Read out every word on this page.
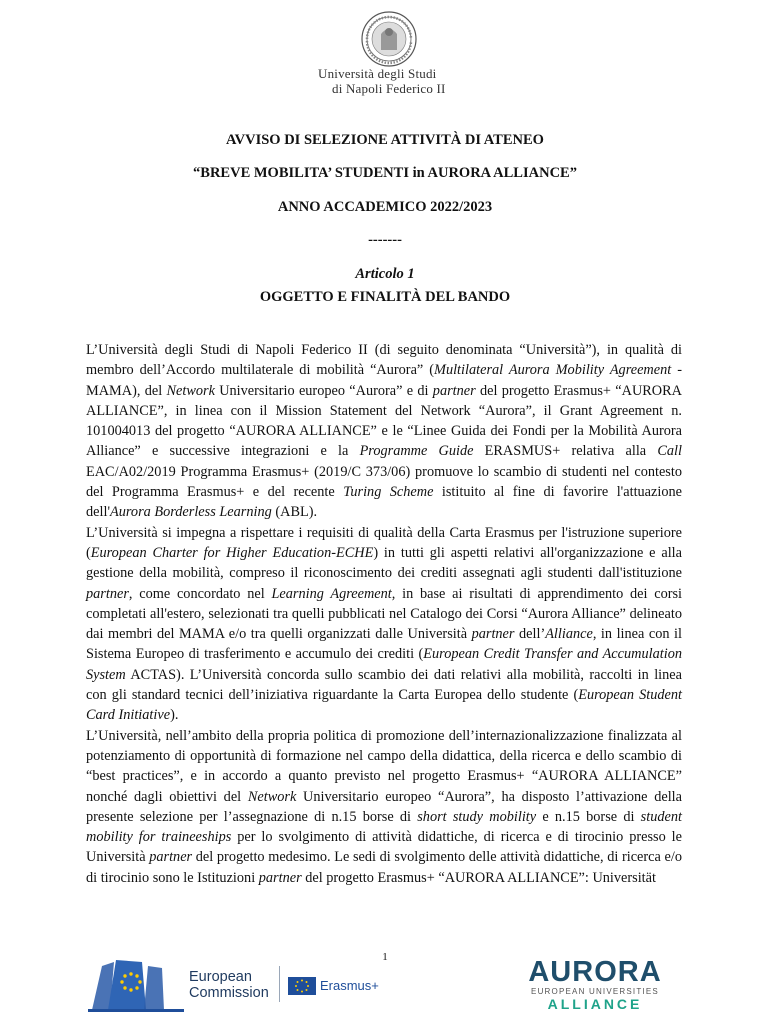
Università degli Studi
di Napoli Federico II
AVVISO DI SELEZIONE ATTIVITÀ DI ATENEO
“BREVE MOBILITA’ STUDENTI in AURORA ALLIANCE”
ANNO ACCADEMICO 2022/2023
-------
Articolo 1
OGGETTO E FINALITÀ DEL BANDO

L’Università degli Studi di Napoli Federico II (di seguito denominata “Università”), in qualità di membro dell’Accordo multilaterale di mobilità “Aurora” (Multilateral Aurora Mobility Agreement - MAMA), del Network Universitario europeo “Aurora” e di partner del progetto Erasmus+ “AURORA ALLIANCE”, in linea con il Mission Statement del Network “Aurora”, il Grant Agreement n. 101004013 del progetto “AURORA ALLIANCE” e le “Linee Guida dei Fondi per la Mobilità Aurora Alliance” e successive integrazioni e la Programme Guide ERASMUS+ relativa alla Call EAC/A02/2019 Programma Erasmus+ (2019/C 373/06) promuove lo scambio di studenti nel contesto del Programma Erasmus+ e del recente Turing Scheme istituito al fine di favorire l'attuazione dell'Aurora Borderless Learning (ABL).

L’Università si impegna a rispettare i requisiti di qualità della Carta Erasmus per l'istruzione superiore (European Charter for Higher Education-ECHE) in tutti gli aspetti relativi all'organizzazione e alla gestione della mobilità, compreso il riconoscimento dei crediti assegnati agli studenti dall'istituzione partner, come concordato nel Learning Agreement, in base ai risultati di apprendimento dei corsi completati all'estero, selezionati tra quelli pubblicati nel Catalogo dei Corsi “Aurora Alliance” delineato dai membri del MAMA e/o tra quelli organizzati dalle Università partner dell’Alliance, in linea con il Sistema Europeo di trasferimento e accumulo dei crediti (European Credit Transfer and Accumulation System ACTAS). L’Università concorda sullo scambio dei dati relativi alla mobilità, raccolti in linea con gli standard tecnici dell’iniziativa riguardante la Carta Europea dello studente (European Student Card Initiative).

L’Università, nell’ambito della propria politica di promozione dell’internazionalizzazione finalizzata al potenziamento di opportunità di formazione nel campo della didattica, della ricerca e dello scambio di “best practices”, e in accordo a quanto previsto nel progetto Erasmus+ “AURORA ALLIANCE” nonché dagli obiettivi del Network Universitario europeo “Aurora”, ha disposto l’attivazione della presente selezione per l’assegnazione di n.15 borse di short study mobility e n.15 borse di student mobility for traineeships per lo svolgimento di attività didattiche, di ricerca e di tirocinio presso le Università partner del progetto medesimo. Le sedi di svolgimento delle attività didattiche, di ricerca e/o di tirocinio sono le Istituzioni partner del progetto Erasmus+ “AURORA ALLIANCE”: Universität

1
European
Commission	Erasmus+	AURORA
EUROPEAN UNIVERSITIES
ALLIANCE
